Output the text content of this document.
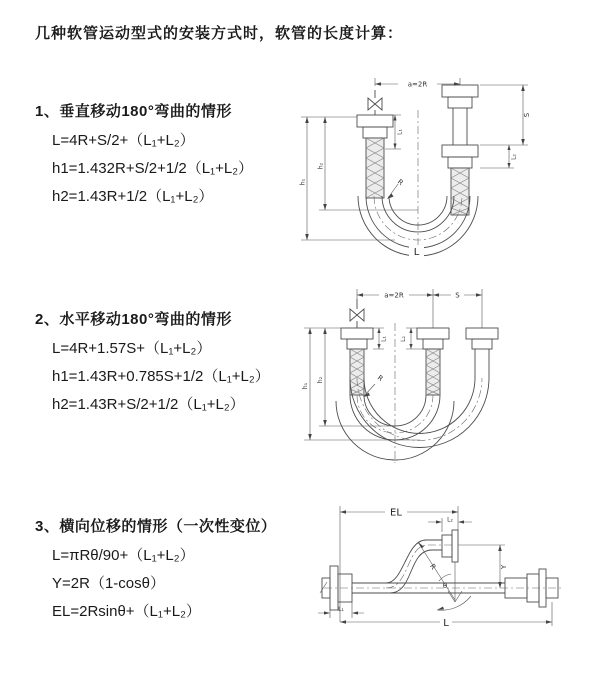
几种软管运动型式的安装方式时，软管的长度计算：
1、垂直移动180°弯曲的情形
L=4R+S/2+（L₁+L₂）
h1=1.432R+S/2+1/2（L₁+L₂）
h2=1.43R+1/2（L₁+L₂）
2、水平移动180°弯曲的情形
L=4R+1.57S+（L₁+L₂）
h1=1.43R+0.785S+1/2（L₁+L₂）
h2=1.43R+S/2+1/2（L₁+L₂）
3、横向位移的情形（一次性变位）
L=πRθ/90+（L₁+L₂）
Y=2R（1-cosθ）
EL=2Rsinθ+（L₁+L₂）
R
a=2R
h₁
h₂
L₁
S
L₂
L
R
a=2R	S
h₁
h₂
L₁ L₂
EL
L₂
Y
R
θ
L
L₁
